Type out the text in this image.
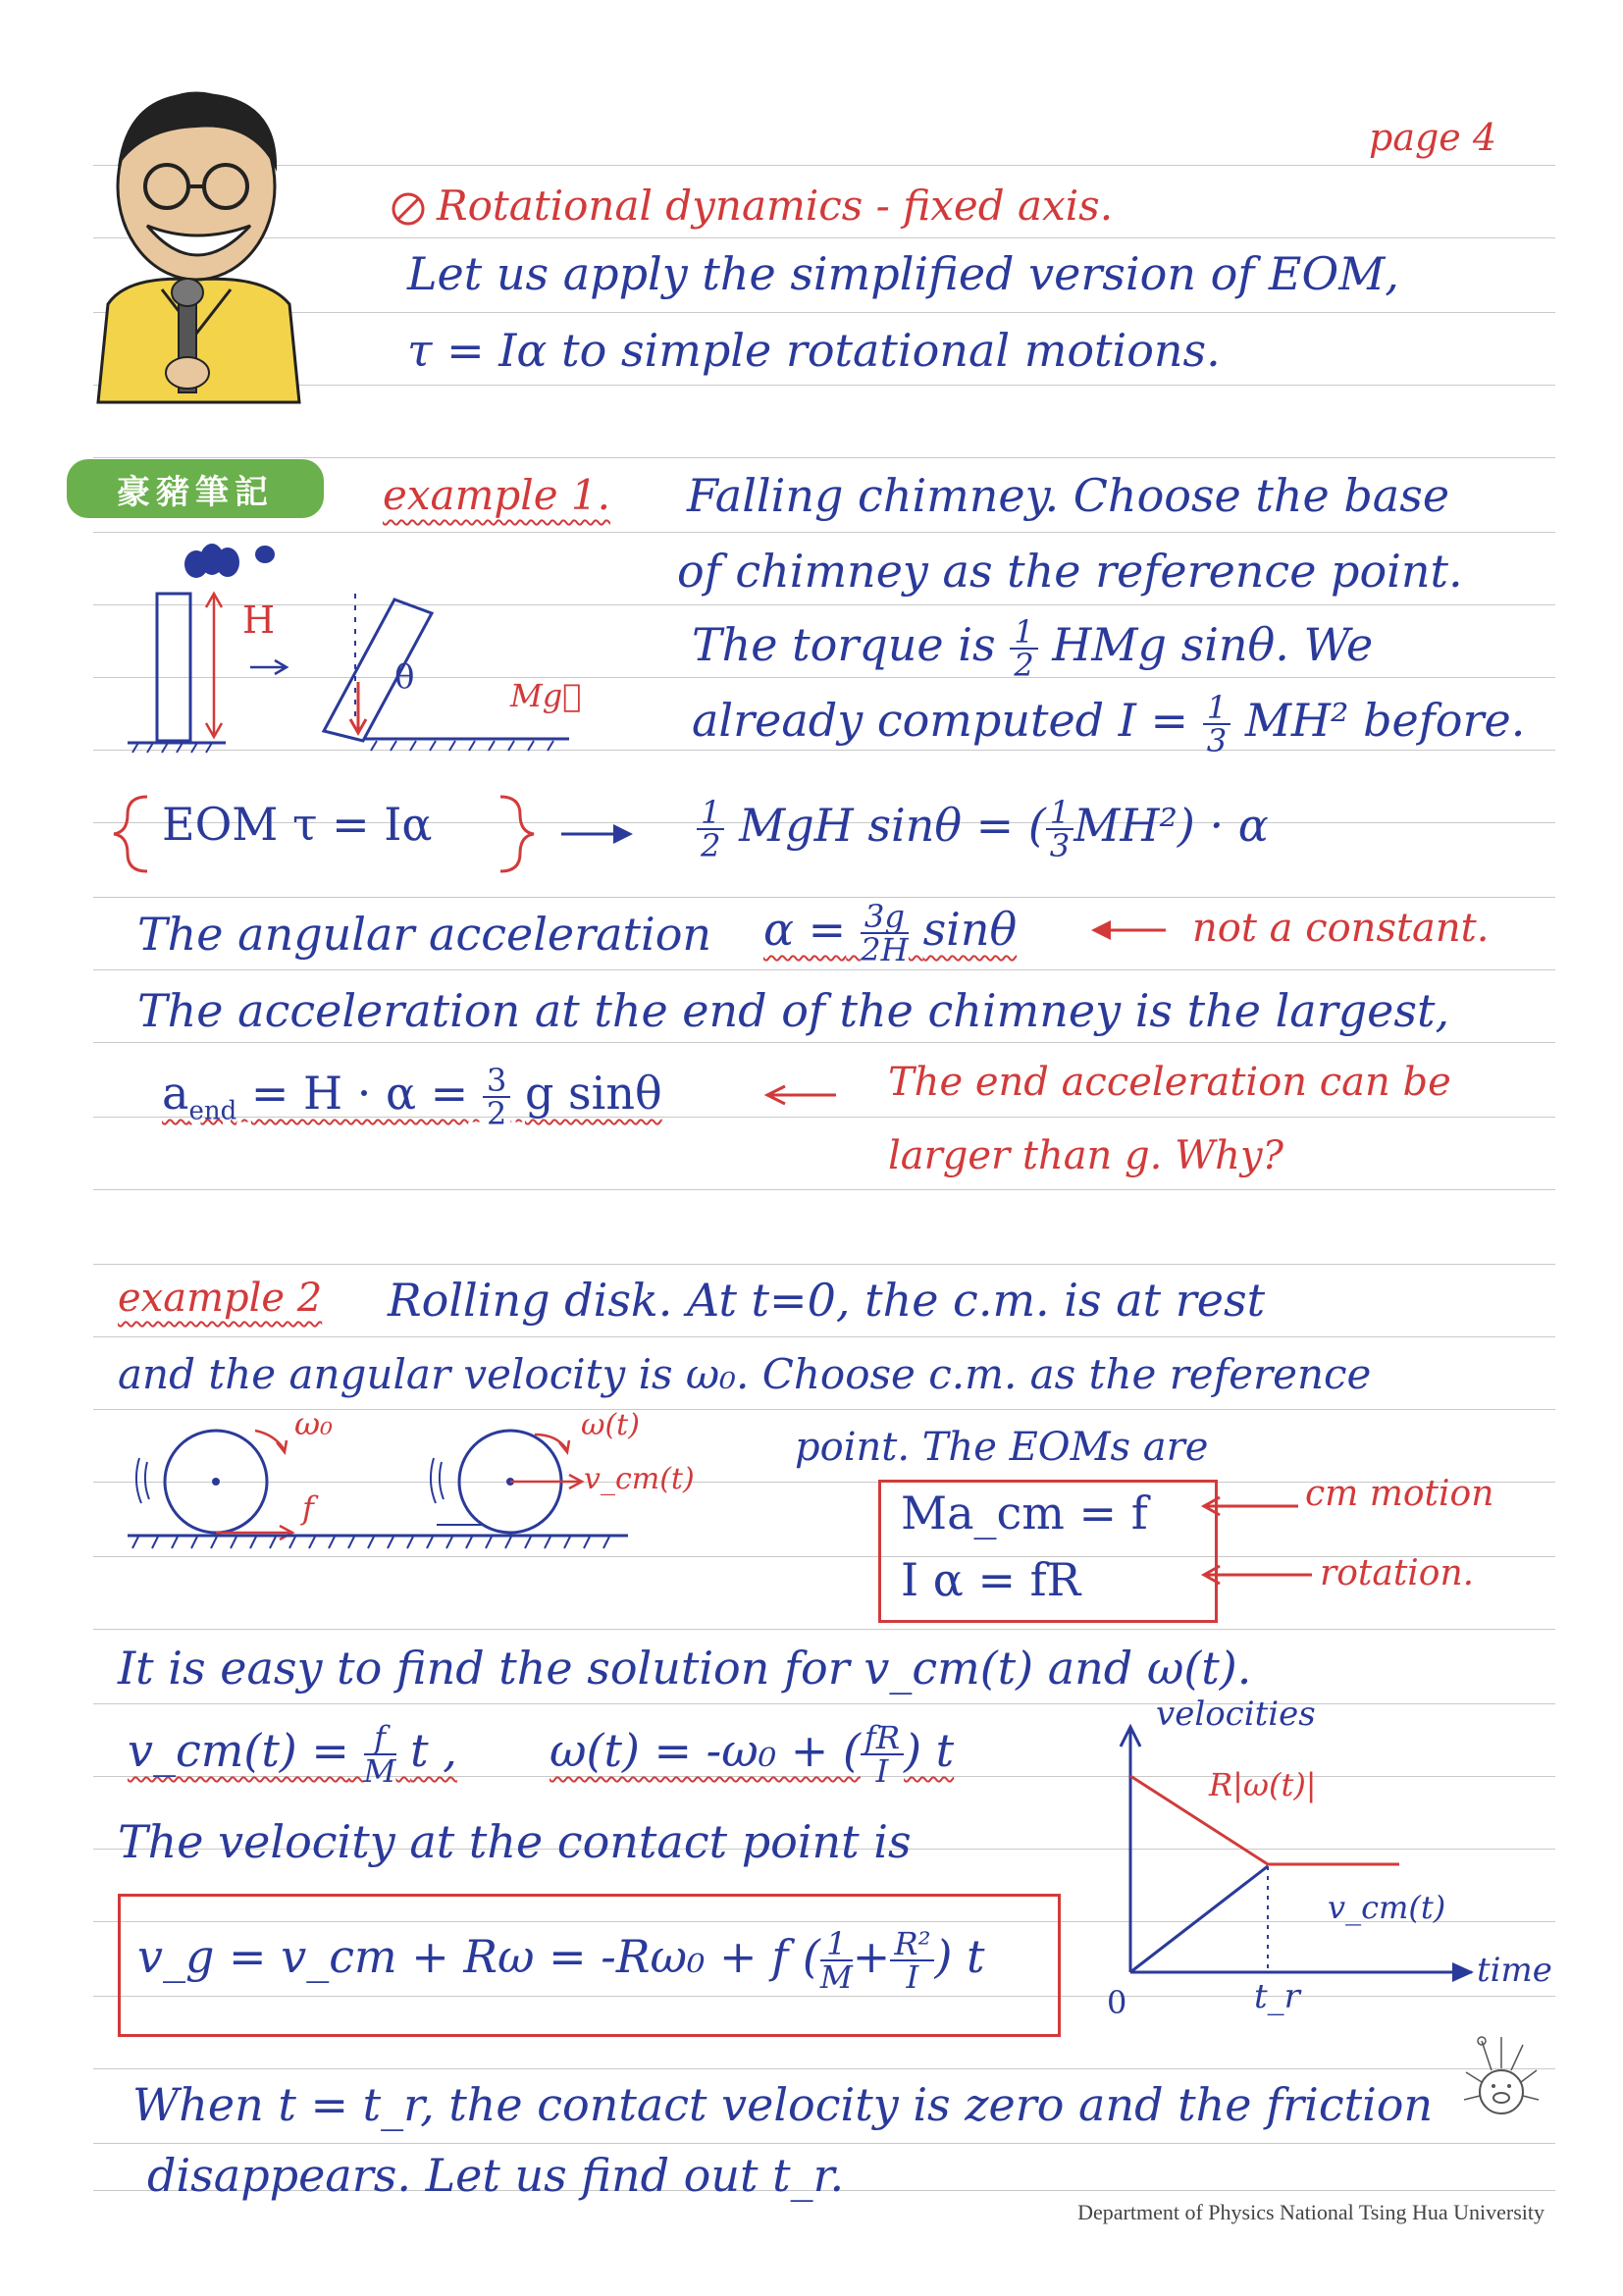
豪豬筆記
page 4
Rotational dynamics - fixed axis.
Let us apply the simplified version of EOM,
τ = Iα to simple rotational motions.
example 1. Falling chimney. Choose the base
of chimney as the reference point.
The torque is $\frac{1}{2}$ HMg sinθ. We
already computed $I = \frac{1}{3} MH^2$ before.
H
θ	Mg⃗
EOM τ = Iα	$\frac{1}{2}$ MgH sinθ = ( $\frac{1}{3} MH^2) \cdot \alpha$
The angular acceleration $\alpha = \frac{3g}{2H}$ sinθ	not a constant.
The acceleration at the end of the chimney is the largest,
$a_{end} = H \cdot \alpha = \frac{3}{2}$ g sinθ	The end acceleration can be
larger than g. Why?
example 2 Rolling disk. At t=0, the c.m. is at rest
and the angular velocity is ω₀. Choose c.m. as the reference
point. The EOMs are
ω₀
f
ω(t)
v_cm(t)
Ma_cm = f
I α = fR
cm motion
rotation.
It is easy to find the solution for v_cm(t) and ω(t).
v_cm(t) = $\frac{f}{M}$ t , ω(t) = -ω₀ + ( $\frac{fR}{I}$ ) t
The velocity at the contact point is
v_g = v_cm + Rω = -Rω₀ + f ( $\frac{1}{M} + \frac{\text{R²}}{I}$ ) t
velocities
R|ω(t)|
v_cm(t)
time
0	t_r
When t = t_r, the contact velocity is zero and the friction
disappears. Let us find out t_r.
Department of Physics National Tsing Hua University
